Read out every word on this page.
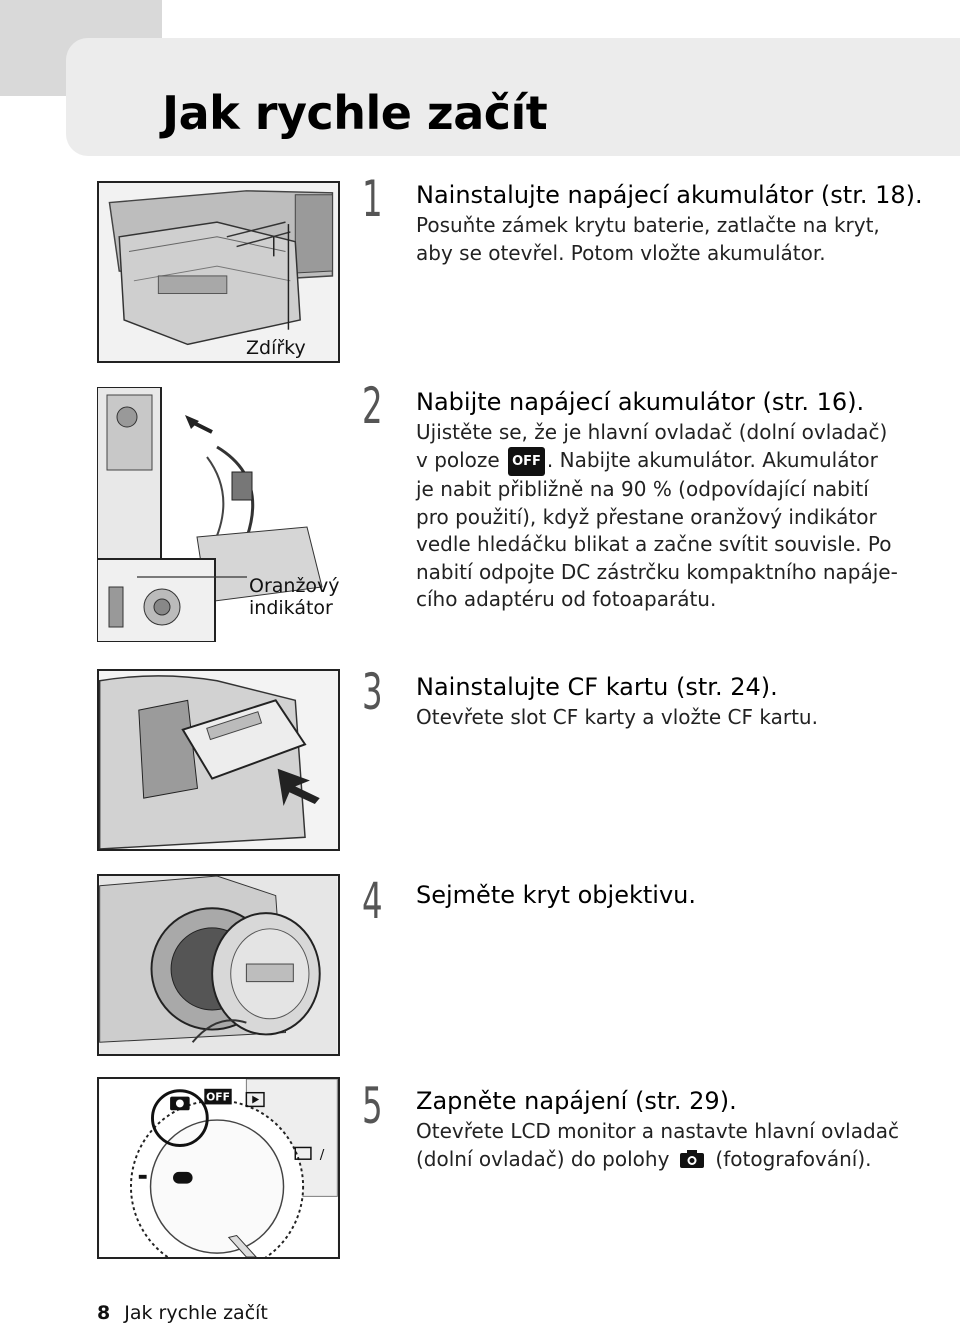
Jak rychle začít
Zdířky
Oranžový
indikátor
OFF
/
1	Nainstalujte napájecí akumulátor (str. 18).

Posuňte zámek krytu baterie, zatlačte na kryt,

aby se otevřel. Potom vložte akumulátor.

2	Nabijte napájecí akumulátor (str. 16).

Ujistěte se, že je hlavní ovladač (dolní ovladač)

v poloze OFF . Nabijte akumulátor. Akumulátor

je nabit přibližně na 90 % (odpovídající nabití

pro použití), když přestane oranžový indikátor

vedle hledáčku blikat a začne svítit souvisle. Po

nabití odpojte DC zástrčku kompaktního napáje-

cího adaptéru od fotoaparátu.

3	Nainstalujte CF kartu (str. 24).

Otevřete slot CF karty a vložte CF kartu.

4	Sejměte kryt objektivu.
5	Zapněte napájení (str. 29).

Otevřete LCD monitor a nastavte hlavní ovladač

(dolní ovladač) do polohy (fotografování).

8 Jak rychle začít
